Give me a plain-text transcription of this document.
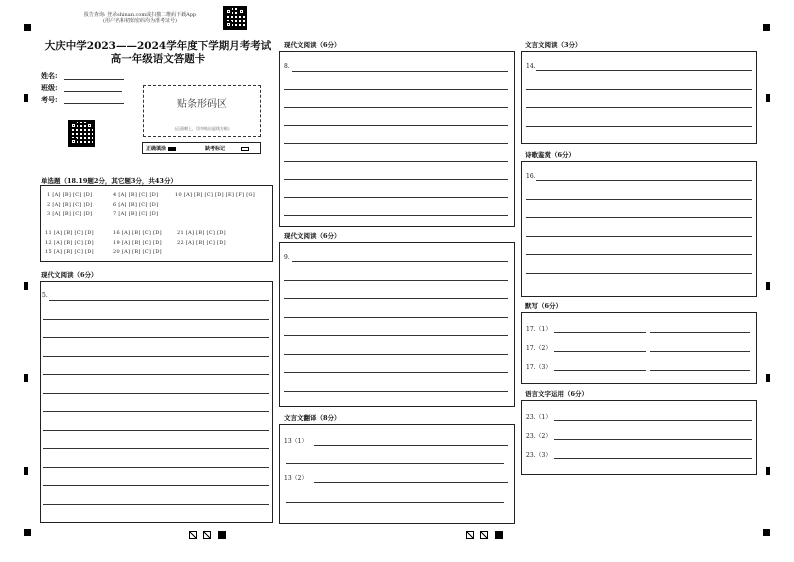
报告查询: 登录shinan.com或扫描二维码下载App
(用户名和初始密码均为准考证号)
大庆中学2023——2024学年度下学期月考考试
高一年级语文答题卡
姓名:
班级:
考号:	贴条形码区
(正面朝上，切勿贴出虚线方框)
正确填涂	缺考标记
单选题（18.19题2分，其它题3分，共43分）
1 [A] [B] [C] [D]	4 [A] [B] [C] [D]	10 [A] [B] [C] [D] [E] [F] [G]
2 [A] [B] [C] [D]	6 [A] [B] [C] [D]
3 [A] [B] [C] [D]	7 [A] [B] [C] [D]
11 [A] [B] [C] [D]	16 [A] [B] [C] [D]	21 [A] [B] [C] [D]
12 [A] [B] [C] [D]	19 [A] [B] [C] [D]	22 [A] [B] [C] [D]
15 [A] [B] [C] [D]	20 [A] [B] [C] [D]
现代文阅读（6分）
5.
现代文阅读（6分）
8.
现代文阅读（6分）
9.
文言文翻译（8分）
13（1）
13（2）
文言文阅读（3分）
14.
诗歌鉴赏（6分）
16.
默写（6分）
17.（1）
17.（2）
17.（3）
语言文字运用（6分）
23.（1）
23.（2）
23.（3）
